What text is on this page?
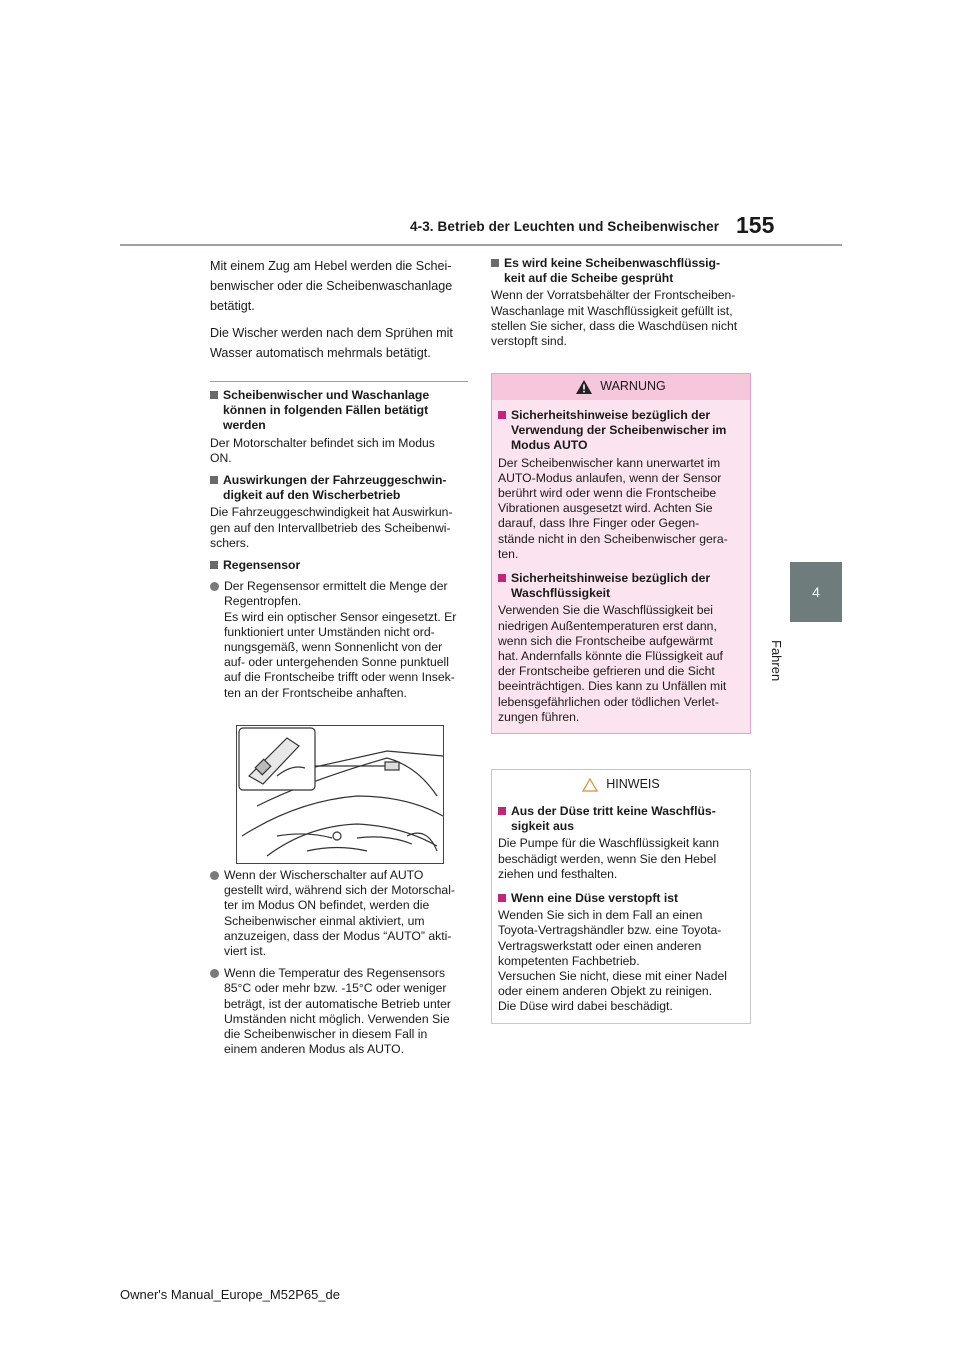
4-3. Betrieb der Leuchten und Scheibenwischer 155
4
Fahren
Mit einem Zug am Hebel werden die Schei-
benwischer oder die Scheibenwaschanlage
betätigt.
Die Wischer werden nach dem Sprühen mit
Wasser automatisch mehrmals betätigt.
Scheibenwischer und Waschanlage
können in folgenden Fällen betätigt
werden
Der Motorschalter befindet sich im Modus
ON.
Auswirkungen der Fahrzeuggeschwin-
digkeit auf den Wischerbetrieb
Die Fahrzeuggeschwindigkeit hat Auswirkun-
gen auf den Intervallbetrieb des Scheibenwi-
schers.
Regensensor
Der Regensensor ermittelt die Menge der
Regentropfen.
Es wird ein optischer Sensor eingesetzt. Er
funktioniert unter Umständen nicht ord-
nungsgemäß, wenn Sonnenlicht von der
auf- oder untergehenden Sonne punktuell
auf die Frontscheibe trifft oder wenn Insek-
ten an der Frontscheibe anhaften.
Wenn der Wischerschalter auf AUTO
gestellt wird, während sich der Motorschal-
ter im Modus ON befindet, werden die
Scheibenwischer einmal aktiviert, um
anzuzeigen, dass der Modus “AUTO” akti-
viert ist.
Wenn die Temperatur des Regensensors
85°C oder mehr bzw. -15°C oder weniger
beträgt, ist der automatische Betrieb unter
Umständen nicht möglich. Verwenden Sie
die Scheibenwischer in diesem Fall in
einem anderen Modus als AUTO.
Es wird keine Scheibenwaschflüssig-
keit auf die Scheibe gesprüht
Wenn der Vorratsbehälter der Frontscheiben-
Waschanlage mit Waschflüssigkeit gefüllt ist,
stellen Sie sicher, dass die Waschdüsen nicht
verstopft sind.
WARNUNG
Sicherheitshinweise bezüglich der
Verwendung der Scheibenwischer im
Modus AUTO
Der Scheibenwischer kann unerwartet im
AUTO-Modus anlaufen, wenn der Sensor
berührt wird oder wenn die Frontscheibe
Vibrationen ausgesetzt wird. Achten Sie
darauf, dass Ihre Finger oder Gegen-
stände nicht in den Scheibenwischer gera-
ten.
Sicherheitshinweise bezüglich der
Waschflüssigkeit
Verwenden Sie die Waschflüssigkeit bei
niedrigen Außentemperaturen erst dann,
wenn sich die Frontscheibe aufgewärmt
hat. Andernfalls könnte die Flüssigkeit auf
der Frontscheibe gefrieren und die Sicht
beeinträchtigen. Dies kann zu Unfällen mit
lebensgefährlichen oder tödlichen Verlet-
zungen führen.
HINWEIS
Aus der Düse tritt keine Waschflüs-
sigkeit aus
Die Pumpe für die Waschflüssigkeit kann
beschädigt werden, wenn Sie den Hebel
ziehen und festhalten.
Wenn eine Düse verstopft ist
Wenden Sie sich in dem Fall an einen
Toyota-Vertragshändler bzw. eine Toyota-
Vertragswerkstatt oder einen anderen
kompetenten Fachbetrieb.
Versuchen Sie nicht, diese mit einer Nadel
oder einem anderen Objekt zu reinigen.
Die Düse wird dabei beschädigt.
Owner's Manual_Europe_M52P65_de
